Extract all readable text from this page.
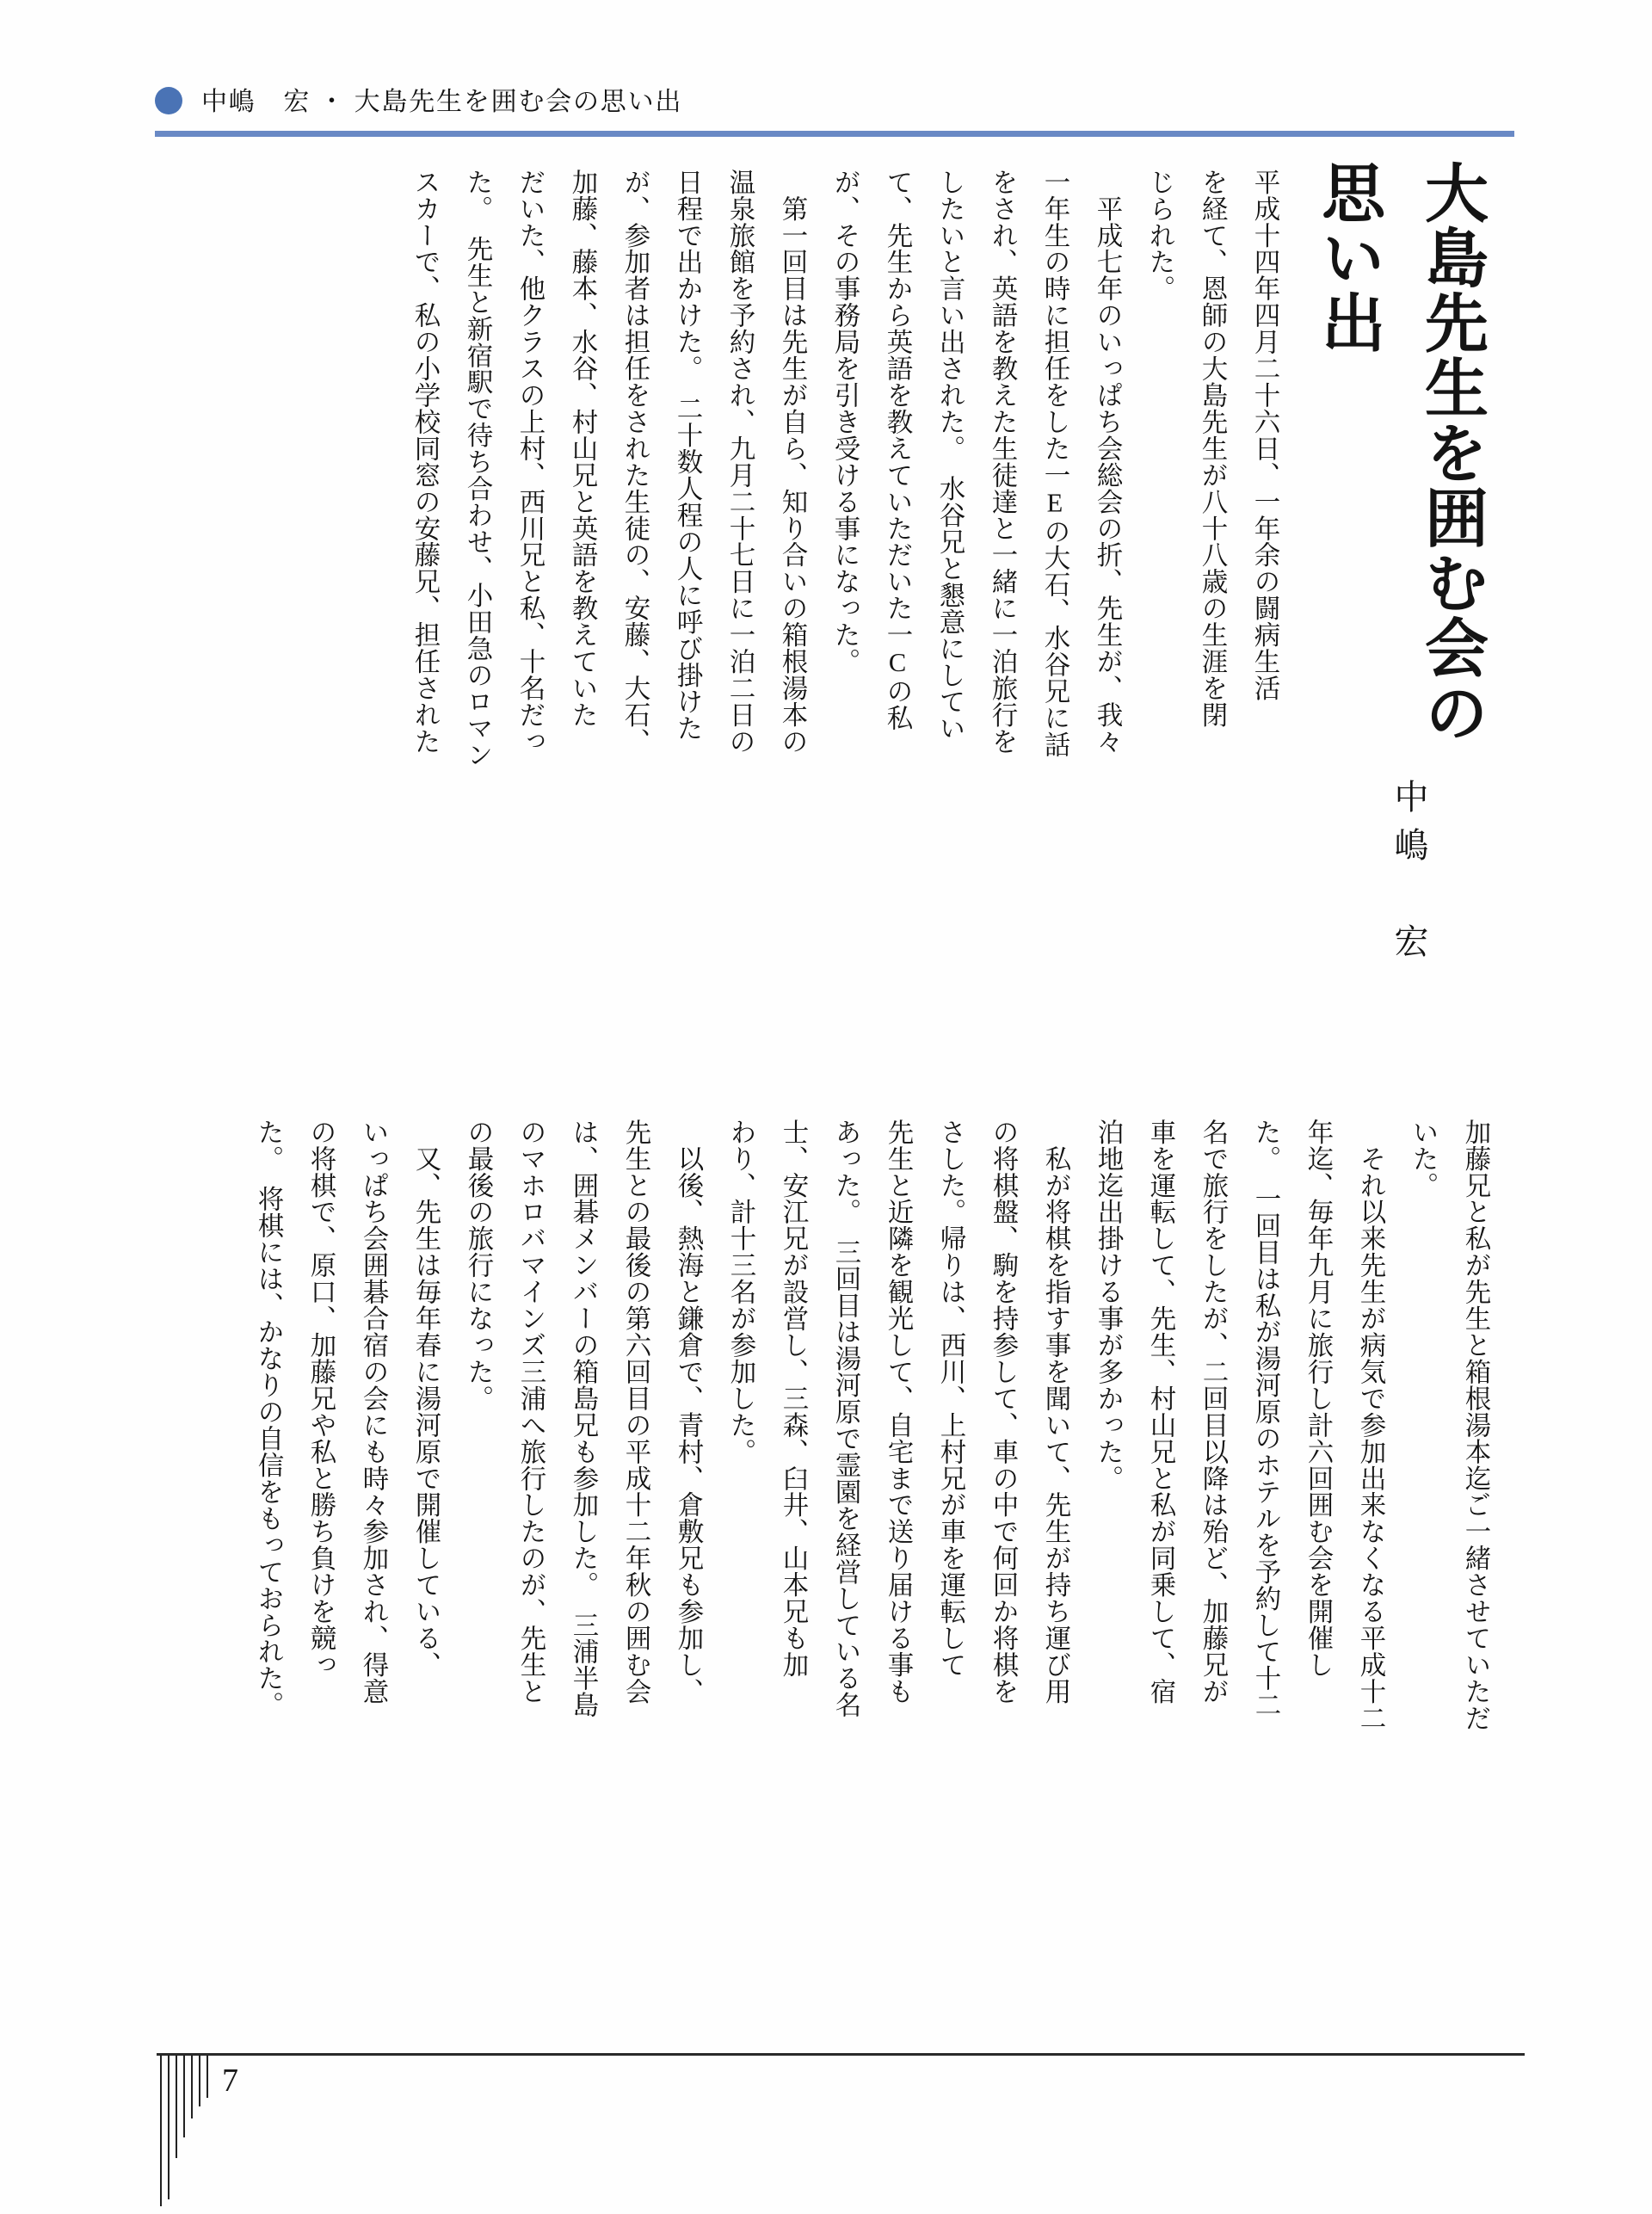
中嶋　宏 ・ 大島先生を囲む会の思い出
大島先生を囲む会の
思い出
中嶋　宏
平成十四年四月二十六日、一年余の闘病生活
を経て、恩師の大島先生が八十八歳の生涯を閉
じられた。
　平成七年のいっぱち会総会の折、先生が、我々
一年生の時に担任をした一Eの大石、水谷兄に話
をされ、英語を教えた生徒達と一緒に一泊旅行を
したいと言い出された。　水谷兄と懇意にしてい
て、先生から英語を教えていただいた一Cの私
が、その事務局を引き受ける事になった。
　第一回目は先生が自ら、知り合いの箱根湯本の
温泉旅館を予約され、九月二十七日に一泊二日の
日程で出かけた。　二十数人程の人に呼び掛けた
が、参加者は担任をされた生徒の、安藤、大石、
加藤、藤本、水谷、村山兄と英語を教えていた
だいた、他クラスの上村、西川兄と私、十名だっ
た。　先生と新宿駅で待ち合わせ、小田急のロマン
スカーで、私の小学校同窓の安藤兄、担任された
加藤兄と私が先生と箱根湯本迄ご一緒させていただ
いた。
　それ以来先生が病気で参加出来なくなる平成十二
年迄、毎年九月に旅行し計六回囲む会を開催し
た。　一回目は私が湯河原のホテルを予約して十二
名で旅行をしたが、二回目以降は殆ど、加藤兄が
車を運転して、先生、村山兄と私が同乗して、宿
泊地迄出掛ける事が多かった。
　私が将棋を指す事を聞いて、先生が持ち運び用
の将棋盤、駒を持参して、車の中で何回か将棋を
さした。帰りは、西川、上村兄が車を運転して
先生と近隣を観光して、自宅まで送り届ける事も
あった。　三回目は湯河原で霊園を経営している名
士、安江兄が設営し、三森、臼井、山本兄も加
わり、計十三名が参加した。
　以後、熱海と鎌倉で、青村、倉敷兄も参加し、
先生との最後の第六回目の平成十二年秋の囲む会
は、囲碁メンバーの箱島兄も参加した。　三浦半島
のマホロバマインズ三浦へ旅行したのが、先生と
の最後の旅行になった。
　又、先生は毎年春に湯河原で開催している、
いっぱち会囲碁合宿の会にも時々参加され、得意
の将棋で、原口、加藤兄や私と勝ち負けを競っ
た。　将棋には、かなりの自信をもっておられた。
7
